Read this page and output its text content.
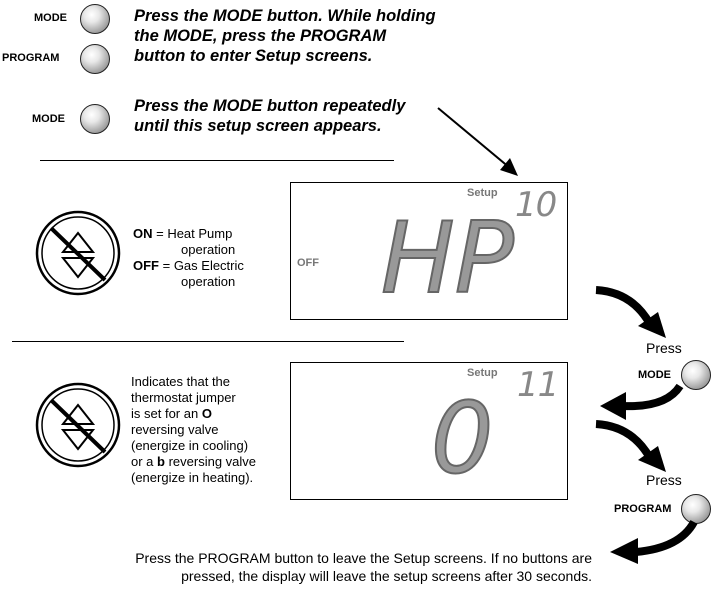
MODE
PROGRAM
Press the MODE button. While holding
the MODE, press the PROGRAM
button to enter Setup screens.
MODE
Press the MODE button repeatedly
until this setup screen appears.
ON = Heat Pump
operation
OFF = Gas Electric
operation
Setup 10
OFF HP
Indicates that the
thermostat jumper
is set for an O
reversing valve
(energize in cooling)
or a b reversing valve
(energize in heating).
Setup 11
0
Press
MODE
Press
PROGRAM
Press the PROGRAM button to leave the Setup screens. If no buttons are
pressed, the display will leave the setup screens after 30 seconds.
